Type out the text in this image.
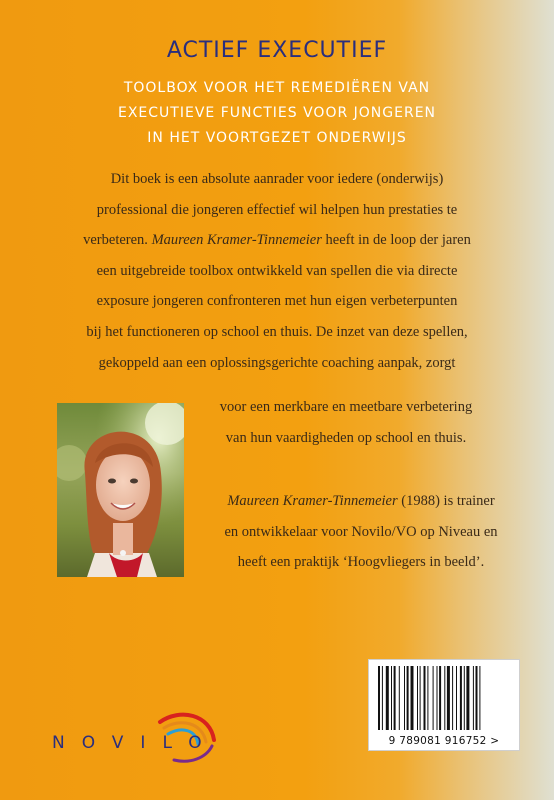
ACTIEF EXECUTIEF
TOOLBOX VOOR HET REMEDIËREN VAN
EXECUTIEVE FUNCTIES VOOR JONGEREN
IN HET VOORTGEZET ONDERWIJS
Dit boek is een absolute aanrader voor iedere (onderwijs)
professional die jongeren effectief wil helpen hun prestaties te
verbeteren. Maureen Kramer-Tinnemeier heeft in de loop der jaren
een uitgebreide toolbox ontwikkeld van spellen die via directe
exposure jongeren confronteren met hun eigen verbeterpunten
bij het functioneren op school en thuis. De inzet van deze spellen,
gekoppeld aan een oplossingsgerichte coaching aanpak, zorgt
voor een merkbare en meetbare verbetering
van hun vaardigheden op school en thuis.
Maureen Kramer-Tinnemeier (1988) is trainer
en ontwikkelaar voor Novilo/VO op Niveau en
heeft een praktijk ‘Hoogvliegers in beeld’.
NOVILO	9 789081 916752 >
